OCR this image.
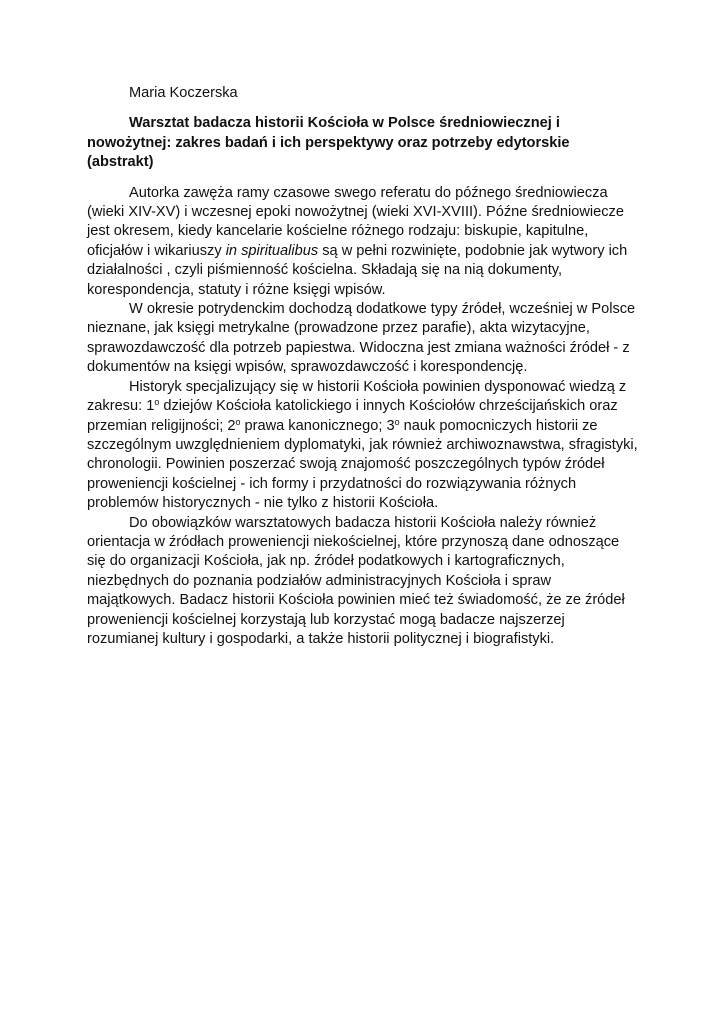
Maria Koczerska

Warsztat badacza historii Kościoła w Polsce średniowiecznej i nowożytnej: zakres badań i ich perspektywy oraz potrzeby edytorskie (abstrakt)

Autorka zawęża ramy czasowe swego referatu do późnego średniowiecza (wieki XIV-XV) i wczesnej epoki nowożytnej (wieki XVI-XVIII). Późne średniowiecze jest okresem, kiedy kancelarie kościelne różnego rodzaju: biskupie, kapitulne, oficjałów i wikariuszy in spiritualibus są w pełni rozwinięte, podobnie jak wytwory ich działalności , czyli piśmienność kościelna. Składają się na nią dokumenty, korespondencja, statuty i różne księgi wpisów.

W okresie potrydenckim dochodzą dodatkowe typy źródeł, wcześniej w Polsce nieznane, jak księgi metrykalne (prowadzone przez parafie), akta wizytacyjne, sprawozdawczość dla potrzeb papiestwa. Widoczna jest zmiana ważności źródeł - z dokumentów na księgi wpisów, sprawozdawczość i korespondencję.

Historyk specjalizujący się w historii Kościoła powinien dysponować wiedzą z zakresu: 1$^o$ dziejów Kościoła katolickiego i innych Kościołów chrześcijańskich oraz przemian religijności; 2$^o$ prawa kanonicznego; 3$^o$ nauk pomocniczych historii ze szczególnym uwzględnieniem dyplomatyki, jak również archiwoznawstwa, sfragistyki, chronologii. Powinien poszerzać swoją znajomość poszczególnych typów źródeł proweniencji kościelnej - ich formy i przydatności do rozwiązywania różnych problemów historycznych - nie tylko z historii Kościoła.

Do obowiązków warsztatowych badacza historii Kościoła należy również orientacja w źródłach proweniencji niekościelnej, które przynoszą dane odnoszące się do organizacji Kościoła, jak np. źródeł podatkowych i kartograficznych, niezbędnych do poznania podziałów administracyjnych Kościoła i spraw majątkowych. Badacz historii Kościoła powinien mieć też świadomość, że ze źródeł proweniencji kościelnej korzystają lub korzystać mogą badacze najszerzej rozumianej kultury i gospodarki, a także historii politycznej i biografistyki.
